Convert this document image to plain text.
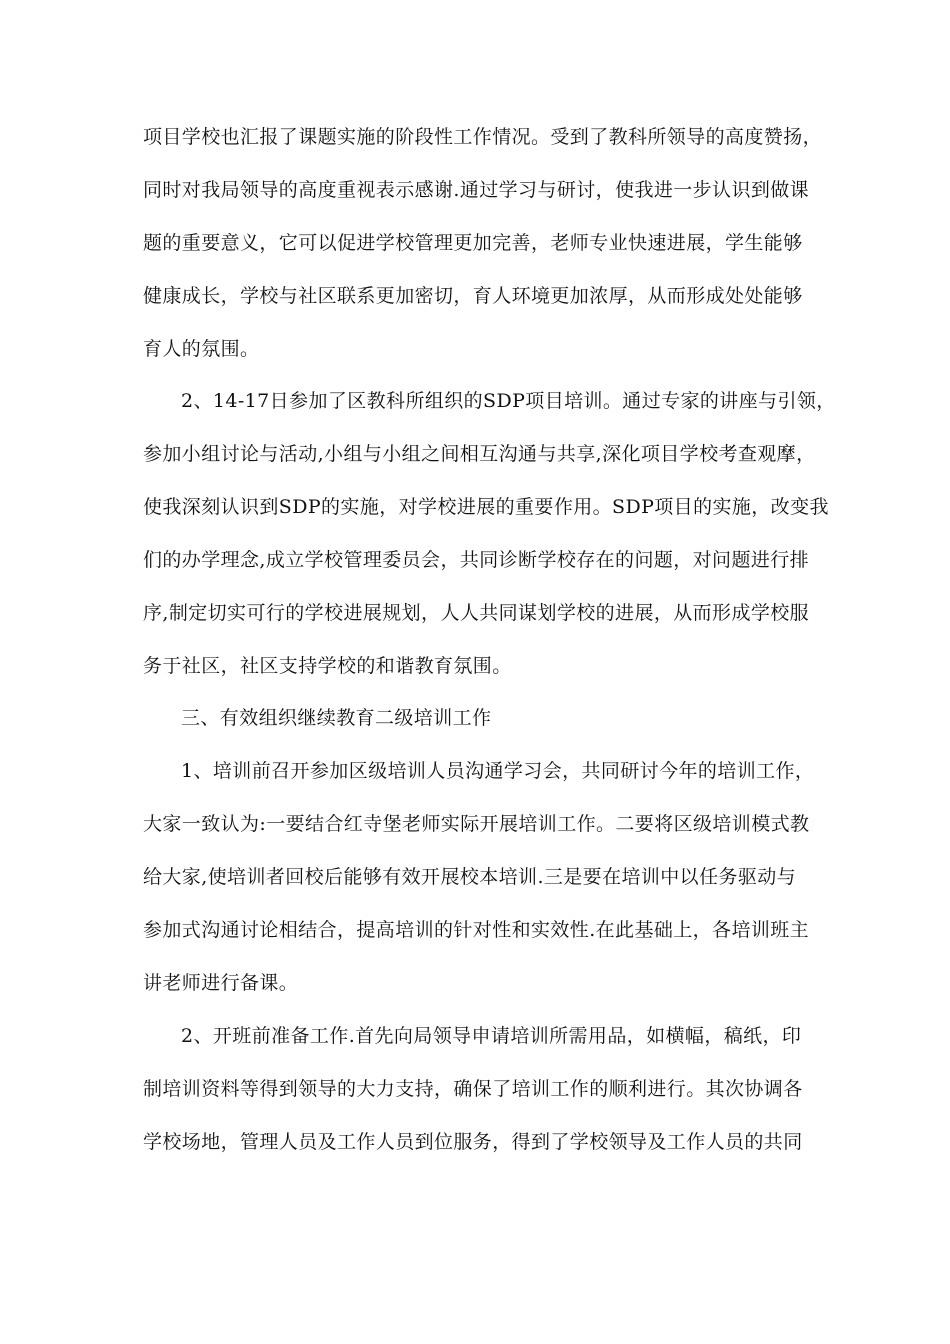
项目学校也汇报了课题实施的阶段性工作情况。受到了教科所领导的高度赞扬，
同时对我局领导的高度重视表示感谢.通过学习与研讨，使我进一步认识到做课
题的重要意义，它可以促进学校管理更加完善，老师专业快速进展，学生能够
健康成长，学校与社区联系更加密切，育人环境更加浓厚，从而形成处处能够
育人的氛围。
2、14-17日参加了区教科所组织的SDP项目培训。通过专家的讲座与引领，
参加小组讨论与活动,小组与小组之间相互沟通与共享,深化项目学校考查观摩，
使我深刻认识到SDP的实施，对学校进展的重要作用。SDP项目的实施，改变我
们的办学理念,成立学校管理委员会，共同诊断学校存在的问题，对问题进行排
序,制定切实可行的学校进展规划，人人共同谋划学校的进展，从而形成学校服
务于社区，社区支持学校的和谐教育氛围。
三、有效组织继续教育二级培训工作
1、培训前召开参加区级培训人员沟通学习会，共同研讨今年的培训工作，
大家一致认为:一要结合红寺堡老师实际开展培训工作。二要将区级培训模式教
给大家,使培训者回校后能够有效开展校本培训.三是要在培训中以任务驱动与
参加式沟通讨论相结合，提高培训的针对性和实效性.在此基础上，各培训班主
讲老师进行备课。
2、开班前准备工作.首先向局领导申请培训所需用品，如横幅，稿纸，印
制培训资料等得到领导的大力支持，确保了培训工作的顺利进行。其次协调各
学校场地，管理人员及工作人员到位服务，得到了学校领导及工作人员的共同
